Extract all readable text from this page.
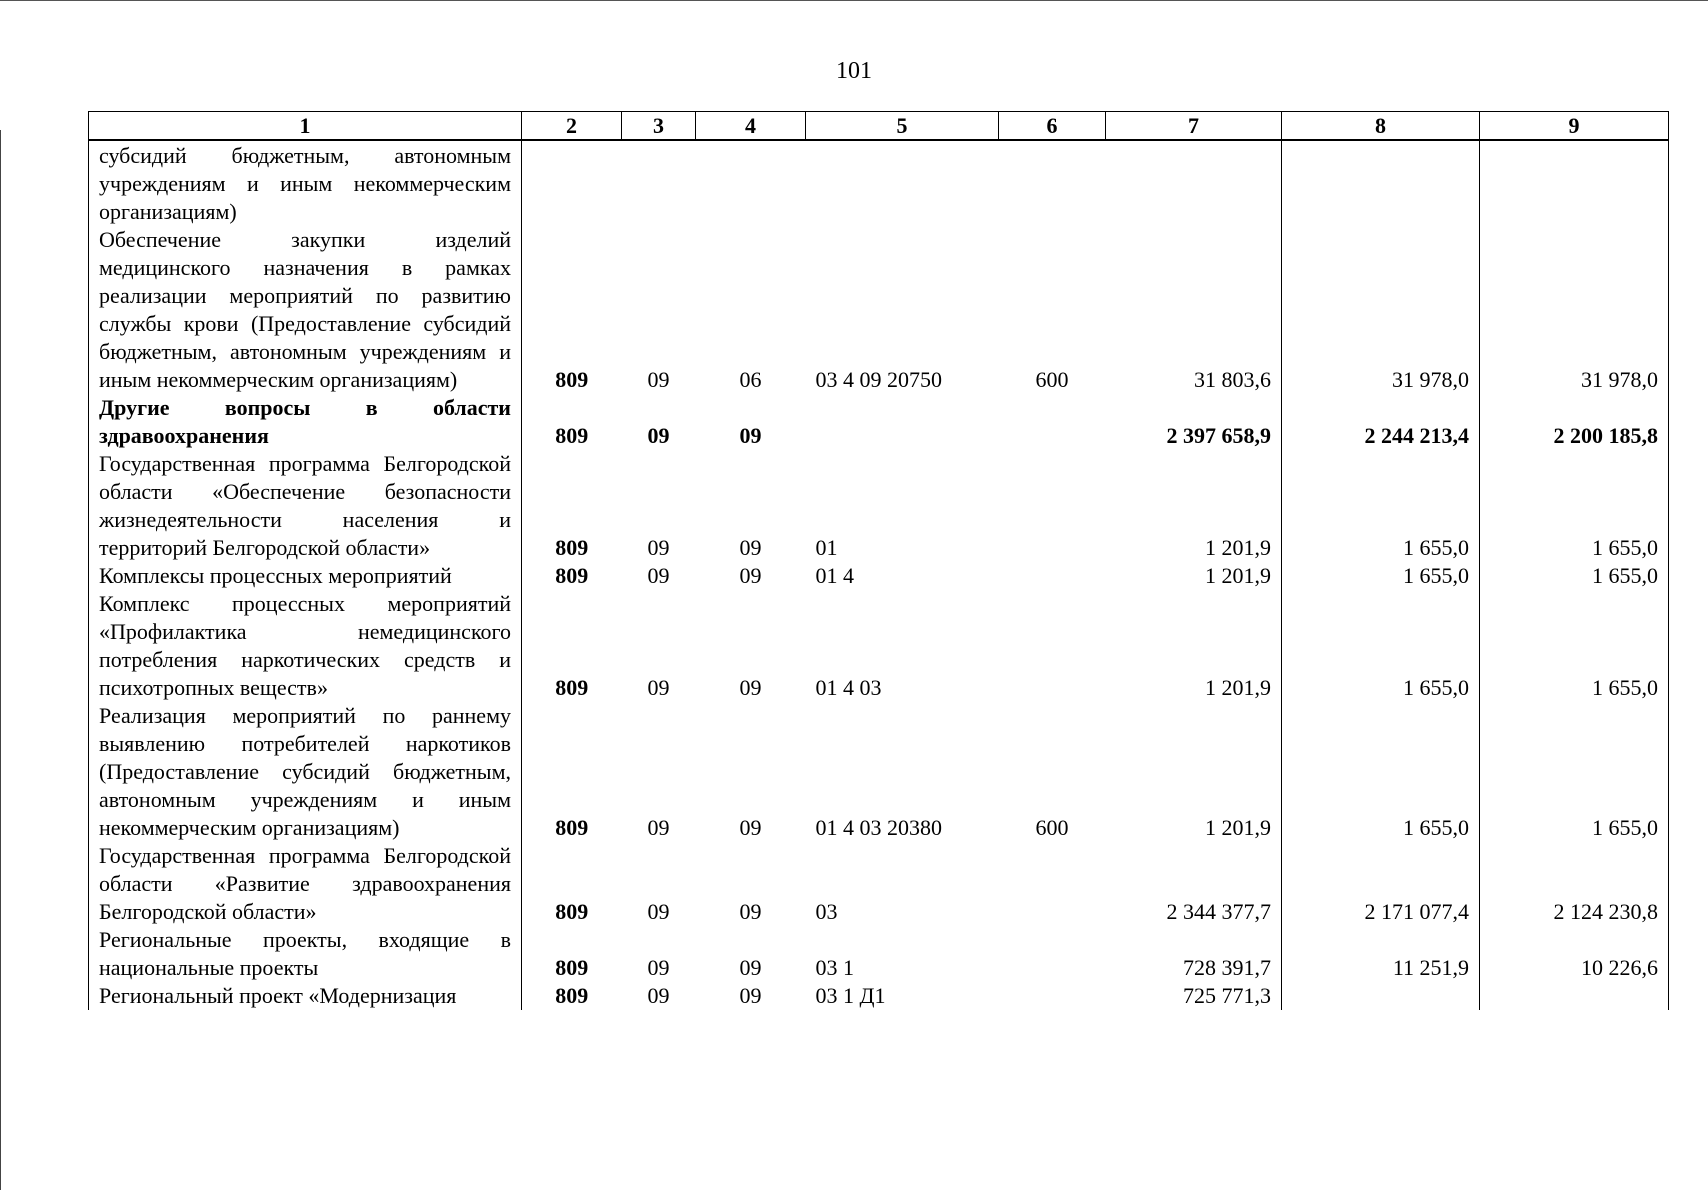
101
1	2	3	4	5	6	7	8	9
субсидий бюджетным, автономным учреждениям и иным некоммерческим организациям)								
Обеспечение закупки изделий медицинского назначения в рамках реализации мероприятий по развитию службы крови (Предоставление субсидий бюджетным, автономным учреждениям и иным некоммерческим организациям)	809	09	06	03 4 09 20750	600	31 803,6	31 978,0	31 978,0
Другие вопросы в области здравоохранения	809	09	09			2 397 658,9	2 244 213,4	2 200 185,8
Государственная программа Белгородской области «Обеспечение безопасности жизнедеятельности населения и территорий Белгородской области»	809	09	09	01		1 201,9	1 655,0	1 655,0
Комплексы процессных мероприятий	809	09	09	01 4		1 201,9	1 655,0	1 655,0
Комплекс процессных мероприятий «Профилактика немедицинского потребления наркотических средств и психотропных веществ»	809	09	09	01 4 03		1 201,9	1 655,0	1 655,0
Реализация мероприятий по раннему выявлению потребителей наркотиков (Предоставление субсидий бюджетным, автономным учреждениям и иным некоммерческим организациям)	809	09	09	01 4 03 20380	600	1 201,9	1 655,0	1 655,0
Государственная программа Белгородской области «Развитие здравоохранения Белгородской области»	809	09	09	03		2 344 377,7	2 171 077,4	2 124 230,8
Региональные проекты, входящие в национальные проекты	809	09	09	03 1		728 391,7	11 251,9	10 226,6
Региональный проект «Модернизация	809	09	09	03 1 Д1		725 771,3		
